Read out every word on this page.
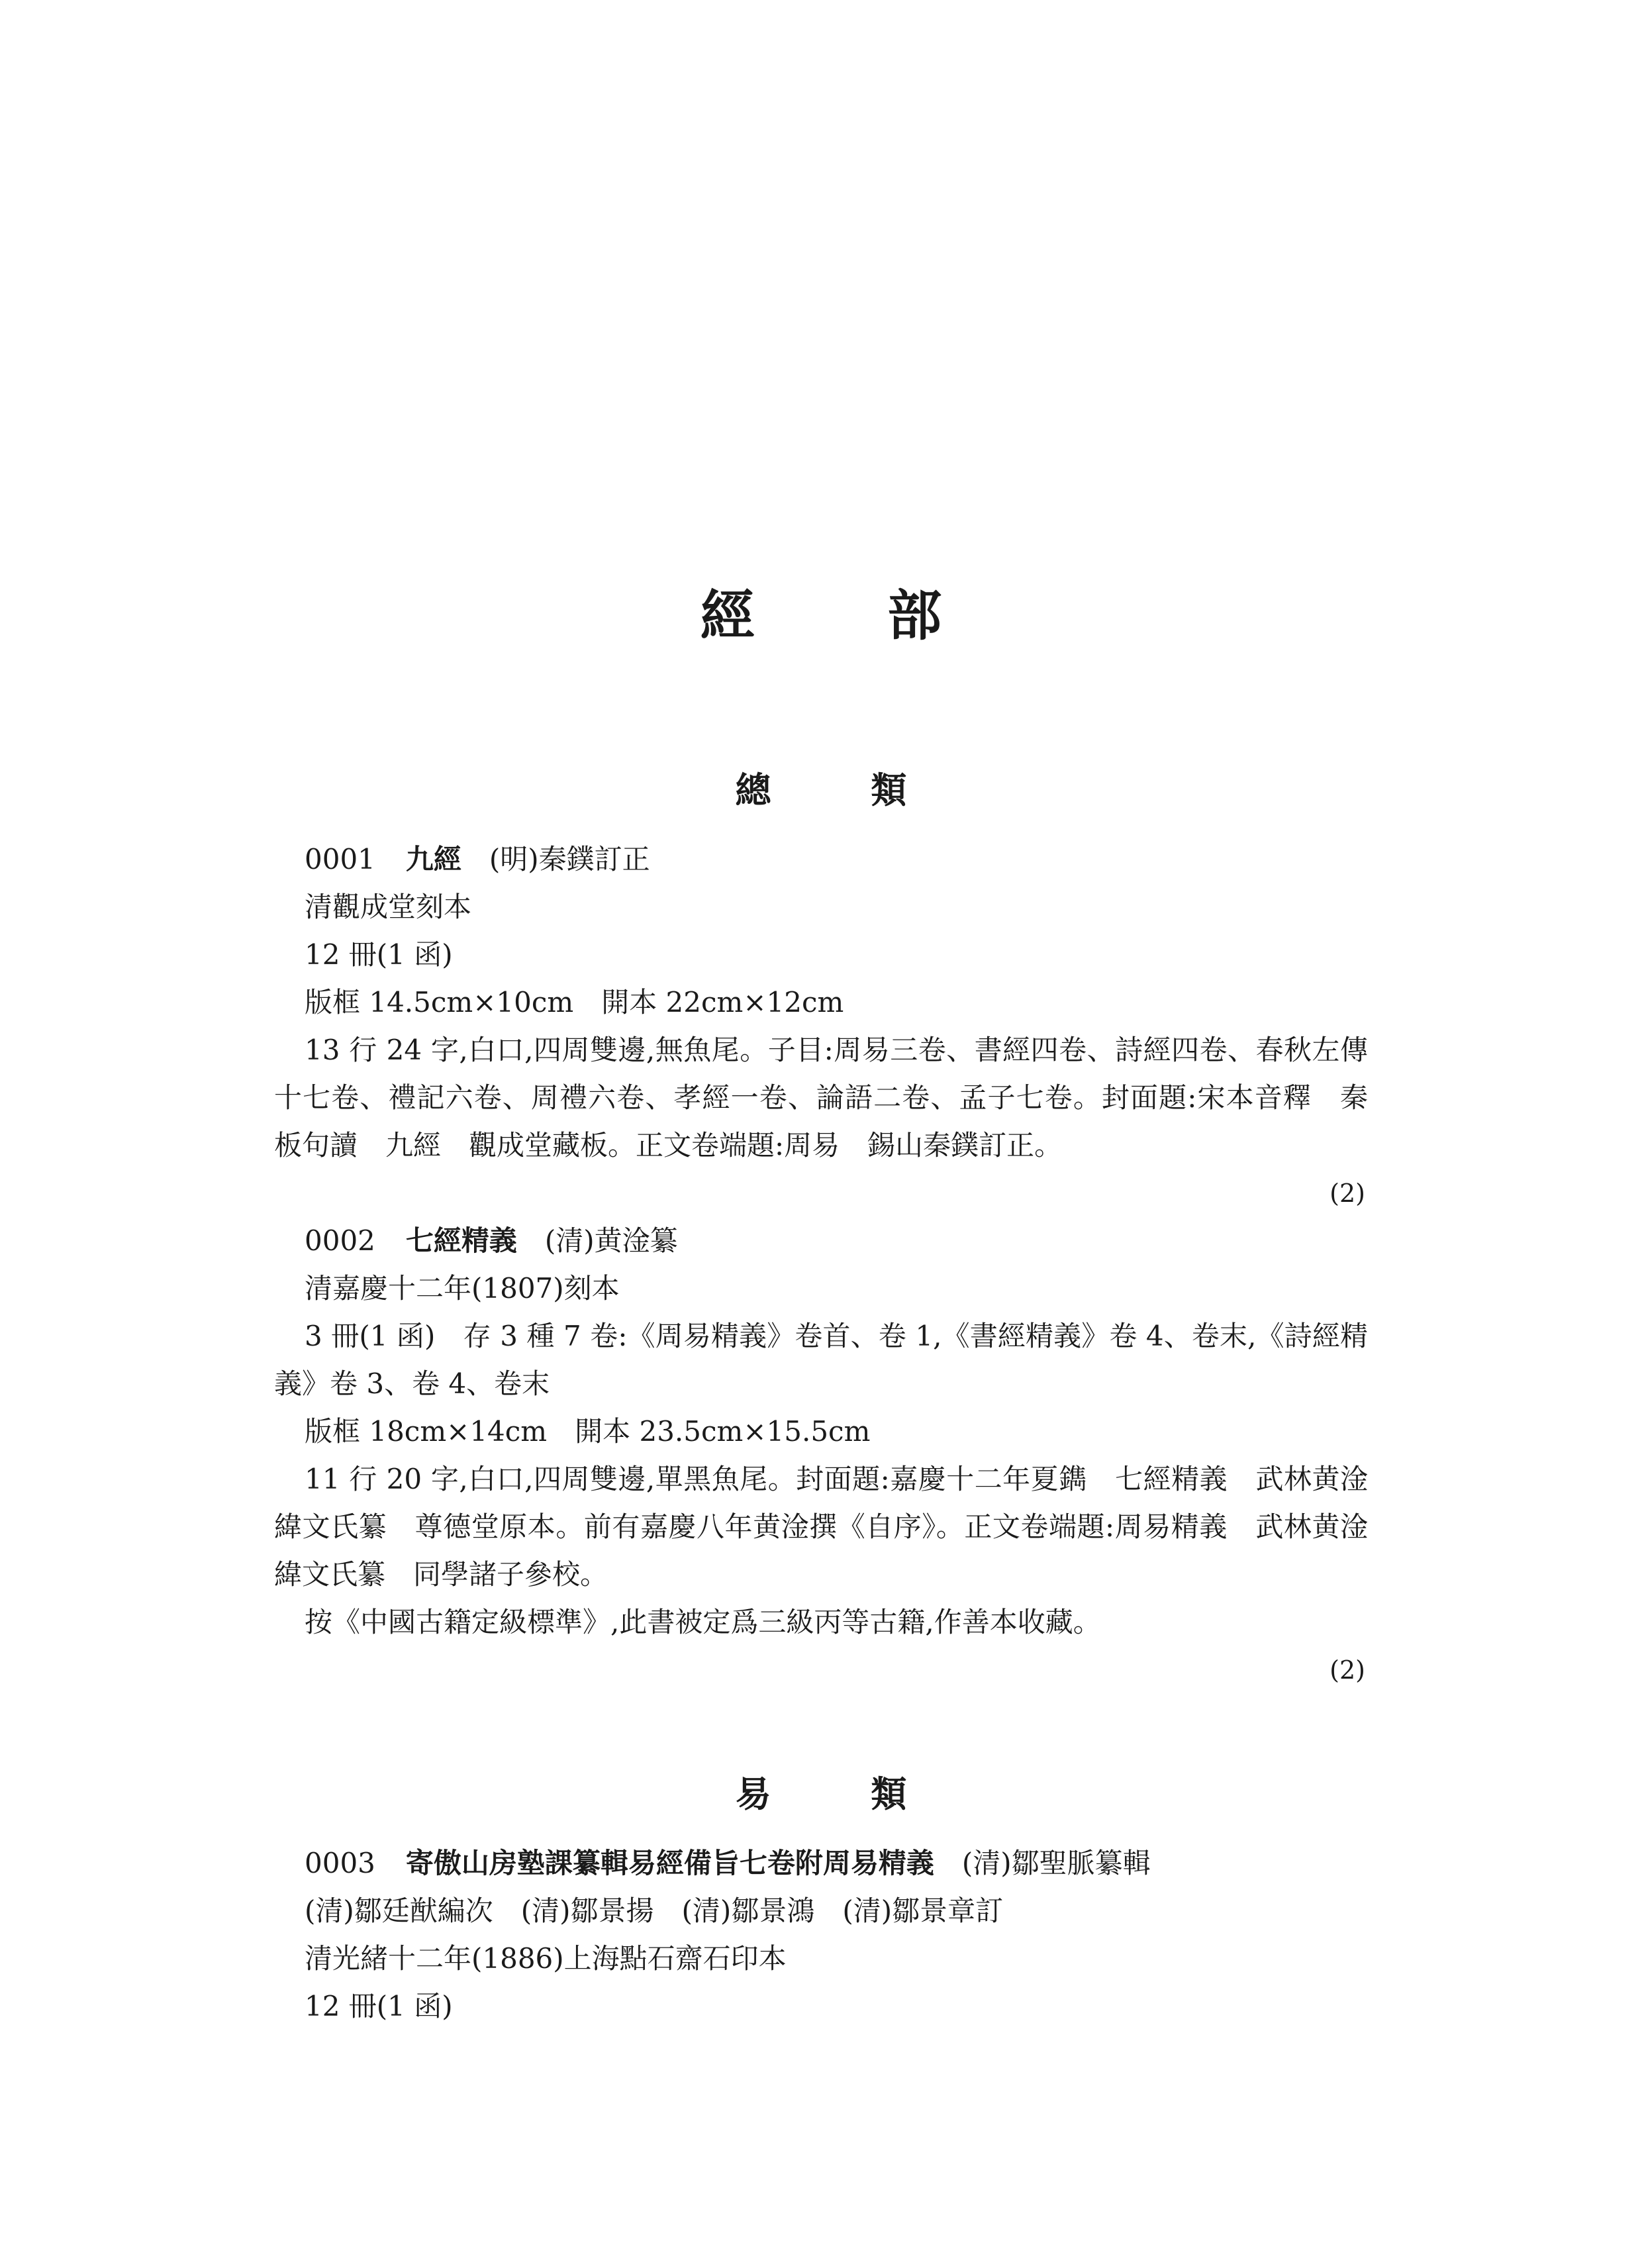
經 部
總 類
0001 九經 (明)秦鏷訂正
清觀成堂刻本
12 冊(1 函)
版框 14.5cm×10cm　開本 22cm×12cm
13 行 24 字,白口,四周雙邊,無魚尾。子目:周易三卷、書經四卷、詩經四卷、春秋左傳十七卷、禮記六卷、周禮六卷、孝經一卷、論語二卷、孟子七卷。封面題:宋本音釋　秦板句讀　九經　觀成堂藏板。正文卷端題:周易　錫山秦鏷訂正。
(2)
0002 七經精義 (清)黄淦纂
清嘉慶十二年(1807)刻本
3 冊(1 函)　存 3 種 7 卷:《周易精義》卷首、卷 1,《書經精義》卷 4、卷末,《詩經精義》卷 3、卷 4、卷末
版框 18cm×14cm　開本 23.5cm×15.5cm
11 行 20 字,白口,四周雙邊,單黑魚尾。封面題:嘉慶十二年夏鐫　七經精義　武林黄淦緯文氏纂　尊德堂原本。前有嘉慶八年黄淦撰《自序》。正文卷端題:周易精義　武林黄淦緯文氏纂　同學諸子參校。
按《中國古籍定級標準》,此書被定爲三級丙等古籍,作善本收藏。
(2)
易 類
0003 寄傲山房塾課纂輯易經備旨七卷附周易精義 (清)鄒聖脈纂輯
(清)鄒廷猷編次　(清)鄒景揚　(清)鄒景鴻　(清)鄒景章訂
清光緒十二年(1886)上海點石齋石印本
12 冊(1 函)
